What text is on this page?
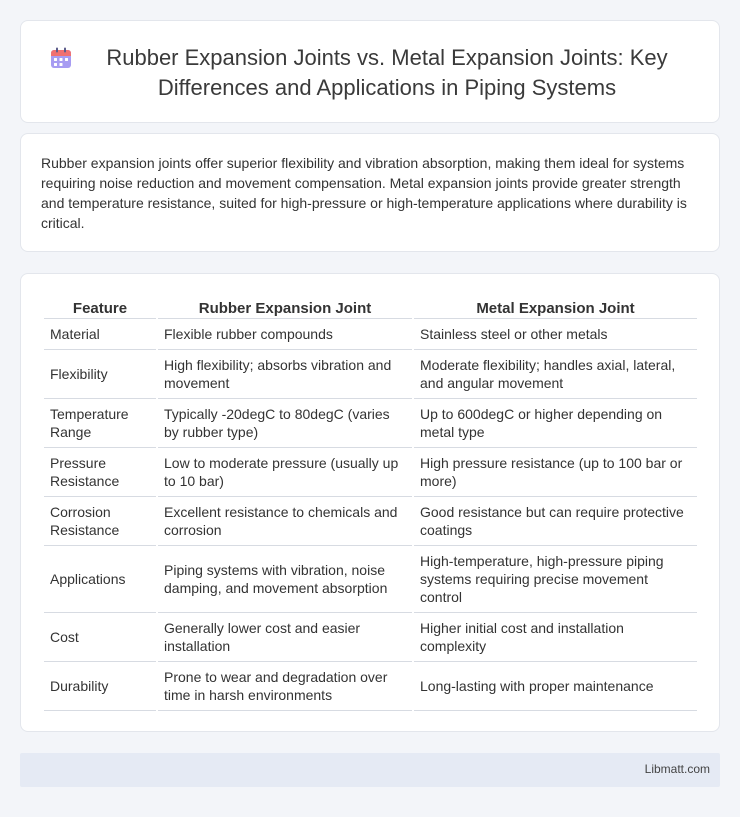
Rubber Expansion Joints vs. Metal Expansion Joints: Key Differences and Applications in Piping Systems

Rubber expansion joints offer superior flexibility and vibration absorption, making them ideal for systems requiring noise reduction and movement compensation. Metal expansion joints provide greater strength and temperature resistance, suited for high-pressure or high-temperature applications where durability is critical.

Feature	Rubber Expansion Joint	Metal Expansion Joint
Material	Flexible rubber compounds	Stainless steel or other metals
Flexibility	High flexibility; absorbs vibration and movement	Moderate flexibility; handles axial, lateral, and angular movement
Temperature Range	Typically -20degC to 80degC (varies by rubber type)	Up to 600degC or higher depending on metal type
Pressure Resistance	Low to moderate pressure (usually up to 10 bar)	High pressure resistance (up to 100 bar or more)
Corrosion Resistance	Excellent resistance to chemicals and corrosion	Good resistance but can require protective coatings
Applications	Piping systems with vibration, noise damping, and movement absorption	High-temperature, high-pressure piping systems requiring precise movement control
Cost	Generally lower cost and easier installation	Higher initial cost and installation complexity
Durability	Prone to wear and degradation over time in harsh environments	Long-lasting with proper maintenance
Libmatt.com
